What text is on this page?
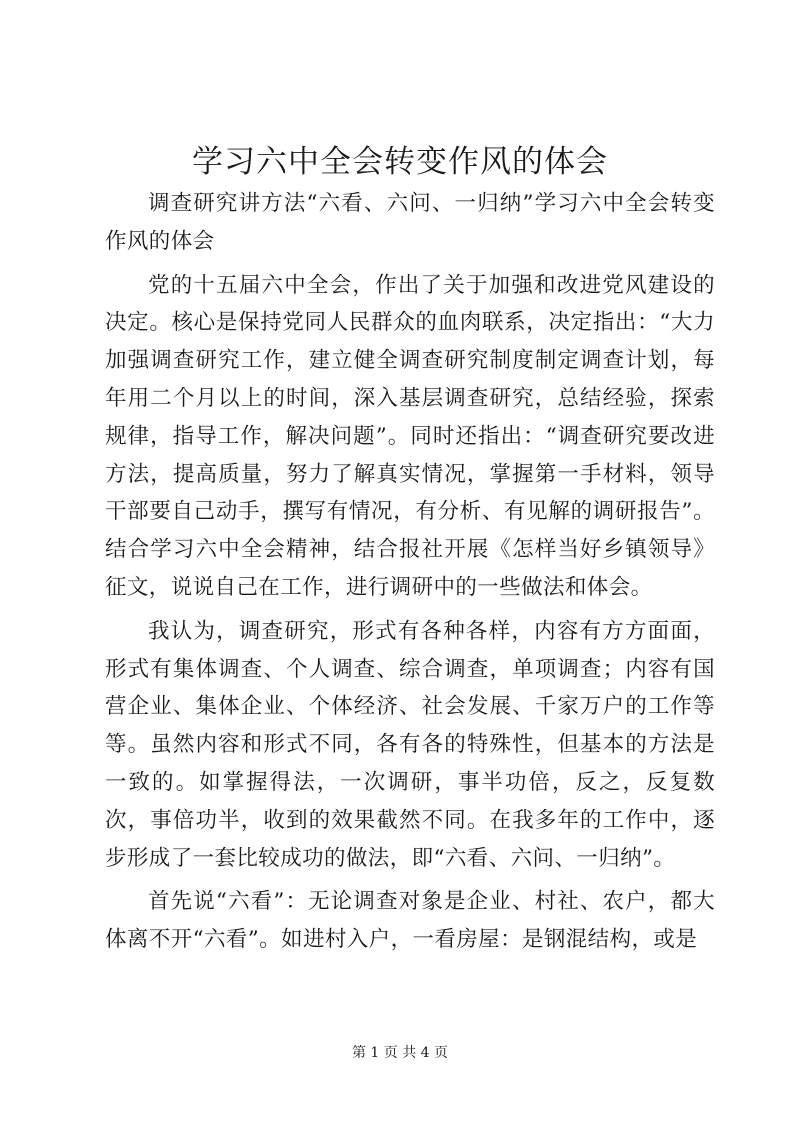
学习六中全会转变作风的体会

调查研究讲方法“六看、六问、一归纳”学习六中全会转变作风的体会

党的十五届六中全会，作出了关于加强和改进党风建设的决定。核心是保持党同人民群众的血肉联系，决定指出：“大力加强调查研究工作，建立健全调查研究制度制定调查计划，每年用二个月以上的时间，深入基层调查研究，总结经验，探索规律，指导工作，解决问题”。同时还指出：“调查研究要改进方法，提高质量，努力了解真实情况，掌握第一手材料，领导干部要自己动手，撰写有情况，有分析、有见解的调研报告”。结合学习六中全会精神，结合报社开展《怎样当好乡镇领导》征文，说说自己在工作，进行调研中的一些做法和体会。

我认为，调查研究，形式有各种各样，内容有方方面面，形式有集体调查、个人调查、综合调查，单项调查；内容有国营企业、集体企业、个体经济、社会发展、千家万户的工作等等。虽然内容和形式不同，各有各的特殊性，但基本的方法是一致的。如掌握得法，一次调研，事半功倍，反之，反复数次，事倍功半，收到的效果截然不同。在我多年的工作中，逐步形成了一套比较成功的做法，即“六看、六问、一归纳”。

首先说“六看”：无论调查对象是企业、村社、农户，都大体离不开“六看”。如进村入户，一看房屋：是钢混结构，或是

第 1 页 共 4 页
